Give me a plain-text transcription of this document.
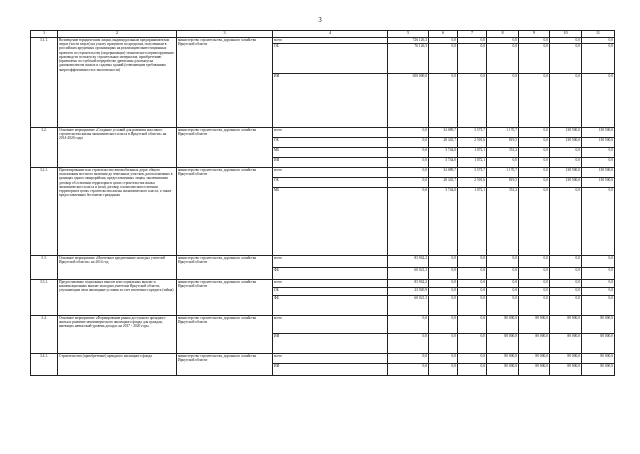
3
1	2	3	4	5	6	7	8	9	10	11
3.1.1.	Возмещение юридическим лицам, индивидуальным предпринимателям затрат (части затрат) на уплату процентов по кредитам, полученным в российских кредитных организациях на реализацию инвестиционных проектов по строительству (модернизации) технического перевооружению производств по выпуску строительных материалов, приобретению (приемлемо по глубокой переработке древесины для выпуска домокомплектов жилых и садовых зданий (отвечающим требованиям энергоэффективности и экологичности)	министерство строительства, дорожного хозяйства Иркутской области	всего	726 126,3	0,0	0,0	0,0	0,0	0,0	0,0
			ОБ	76 126,3	0,0	0,0	0,0	0,0	0,0	0,0
			ИИ	650 000,0	0,0	0,0	0,0	0,0	0,0	0,0
3.2.	Основное мероприятие «Создание условий для развития массового строительства жилья экономического класса в Иркутской области» на 2014-2020 годы	министерство строительства, дорожного хозяйства Иркутской области	всего	0,0	32 089,7	3 573,7	1 170,7	0,0	138 500,0	138 500,0
			ОБ	0,0	28 345,7	2 501,6	819,5	0,0	138 500,0	138 500,0
			МБ	0,0	3 744,0	1 072,1	351,2	0,0	0,0	0,0
			ИИ	0,0	3 744,0	1 072,1	0,0	0,0	0,0	0,0
3.2.1.	Проектирование или строительство автомобильных дорог общего пользования местного значения до земельных участков, расположенных в границах одного микрорайона, предоставленных лицам, заключившим договор об освоении территории в целях строительства жилья экономического класса и (или) договор о комплексном освоении территории в целях строительства жилья экономического класса, а также предоставленных бесплатно гражданам	министерство строительства, дорожного хозяйства Иркутской области	всего	0,0	32 089,7	3 573,7	1 170,7	0,0	138 500,0	138 500,0
			ОБ	0,0	28 345,7	2 501,6	819,5	0,0	138 500,0	138 500,0
			МБ	0,0	3 744,0	1 072,1	351,2	0,0	0,0	0,0
3.3.	Основное мероприятие «Ипотечное кредитование молодых учителей Иркутской области» на 2014 год	министерство строительства, дорожного хозяйства Иркутской области	всего	83 942,2	0,0	0,0	0,0	0,0	0,0	0,0
			ФБ	60 021,3	0,0	0,0	0,0	0,0	0,0	0,0
3.3.1.	Предоставление социальных выплат или социальных выплат и компенсационных выплат молодым учителям Иркутской области, улучшающим свои жилищные условия за счет ипотечного кредита (займа)	министерство строительства, дорожного хозяйства Иркутской области	всего	83 942,2	0,0	0,0	0,0	0,0	0,0	0,0
			ОБ	23 920,9	0,0	0,0	0,0	0,0	0,0	0,0
			ФБ	60 021,3	0,0	0,0	0,0	0,0	0,0	0,0
3.4.	Основное мероприятие «Формирование рынка доступного арендного жилья и развитие некоммерческого жилищного фонда для граждан, имеющих невысокий уровень дохода» на 2017 - 2020 годы	министерство строительства, дорожного хозяйства Иркутской области	всего	0,0	0,0	0,0	80 000,0	80 000,0	80 000,0	80 000,0
			ИИ	0,0	0,0	0,0	80 000,0	80 000,0	80 000,0	80 000,0
3.4.1.	Строительство (приобретение) арендного жилищного фонда	министерство строительства, дорожного хозяйства Иркутской области	всего	0,0	0,0	0,0	80 000,0	80 000,0	80 000,0	80 000,0
			ИИ	0,0	0,0	0,0	80 000,0	80 000,0	80 000,0	80 000,0
